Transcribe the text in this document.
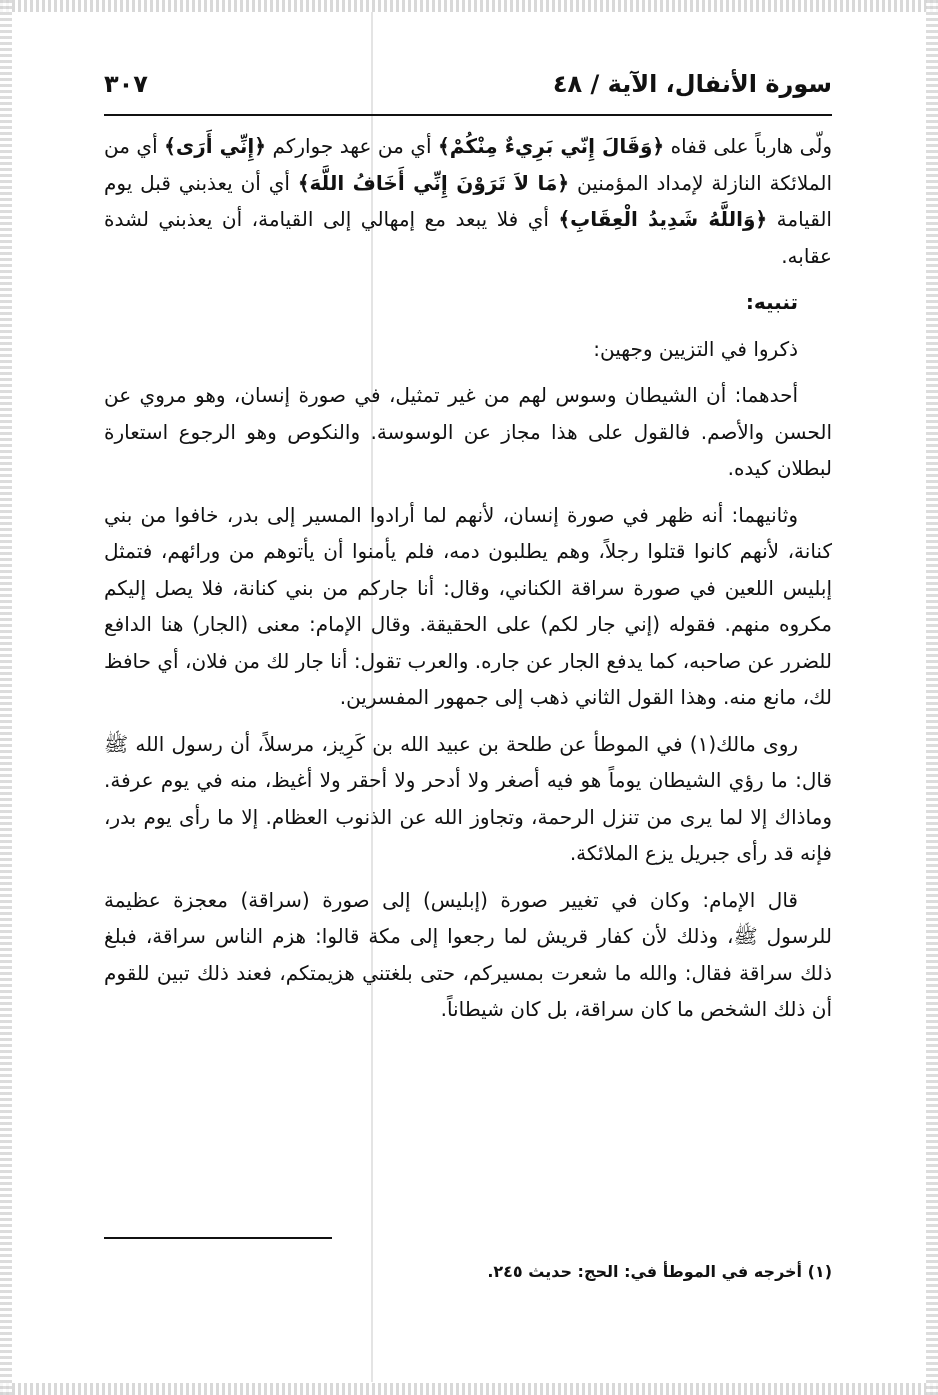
سورة الأنفال، الآية / ٤٨
٣٠٧

ولّى هارباً على قفاه ﴿وَقَالَ إِنّي بَرِيءٌ مِنْكُمْ﴾ أي من عهد جواركم ﴿إِنِّي أَرَى﴾ أي من الملائكة النازلة لإمداد المؤمنين ﴿مَا لاَ تَرَوْنَ إِنِّي أَخَافُ اللَّهَ﴾ أي أن يعذبني قبل يوم القيامة ﴿وَاللَّهُ شَدِيدُ الْعِقَابِ﴾ أي فلا يبعد مع إمهالي إلى القيامة، أن يعذبني لشدة عقابه.

تنبيه:

ذكروا في التزيين وجهين:

أحدهما: أن الشيطان وسوس لهم من غير تمثيل، في صورة إنسان، وهو مروي عن الحسن والأصم. فالقول على هذا مجاز عن الوسوسة. والنكوص وهو الرجوع استعارة لبطلان كيده.

وثانيهما: أنه ظهر في صورة إنسان، لأنهم لما أرادوا المسير إلى بدر، خافوا من بني كنانة، لأنهم كانوا قتلوا رجلاً، وهم يطلبون دمه، فلم يأمنوا أن يأتوهم من ورائهم، فتمثل إبليس اللعين في صورة سراقة الكناني، وقال: أنا جاركم من بني كنانة، فلا يصل إليكم مكروه منهم. فقوله (إني جار لكم) على الحقيقة. وقال الإمام: معنى (الجار) هنا الدافع للضرر عن صاحبه، كما يدفع الجار عن جاره. والعرب تقول: أنا جار لك من فلان، أي حافظ لك، مانع منه. وهذا القول الثاني ذهب إلى جمهور المفسرين.

روى مالك(١) في الموطأ عن طلحة بن عبيد الله بن كَرِيز، مرسلاً، أن رسول الله ﷺ قال: ما رؤي الشيطان يوماً هو فيه أصغر ولا أدحر ولا أحقر ولا أغيظ، منه في يوم عرفة. وماذاك إلا لما يرى من تنزل الرحمة، وتجاوز الله عن الذنوب العظام. إلا ما رأى يوم بدر، فإنه قد رأى جبريل يزع الملائكة.

قال الإمام: وكان في تغيير صورة (إبليس) إلى صورة (سراقة) معجزة عظيمة للرسول ﷺ، وذلك لأن كفار قريش لما رجعوا إلى مكة قالوا: هزم الناس سراقة، فبلغ ذلك سراقة فقال: والله ما شعرت بمسيركم، حتى بلغتني هزيمتكم، فعند ذلك تبين للقوم أن ذلك الشخص ما كان سراقة، بل كان شيطاناً.

(١) أخرجه في الموطأ في: الحج: حديث ٢٤٥.
